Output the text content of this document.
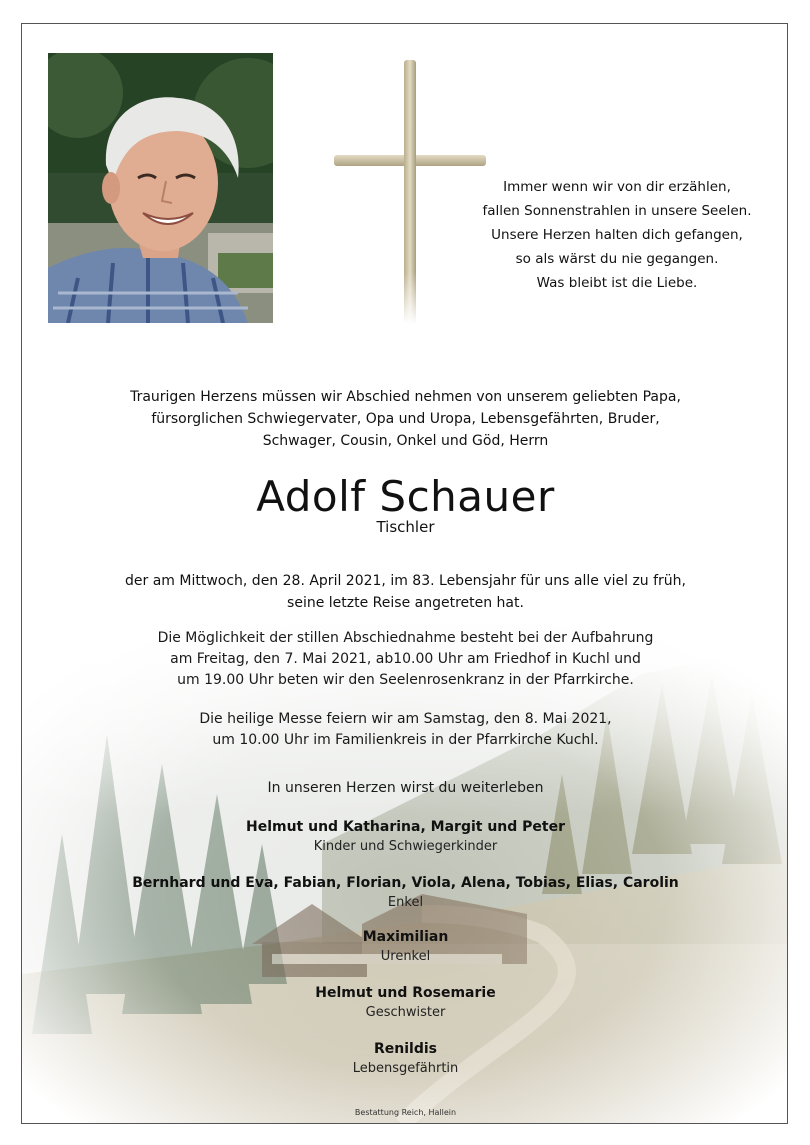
Immer wenn wir von dir erzählen,
fallen Sonnenstrahlen in unsere Seelen.
Unsere Herzen halten dich gefangen,
so als wärst du nie gegangen.
Was bleibt ist die Liebe.
Traurigen Herzens müssen wir Abschied nehmen von unserem geliebten Papa,
fürsorglichen Schwiegervater, Opa und Uropa, Lebensgefährten, Bruder,
Schwager, Cousin, Onkel und Göd, Herrn
Adolf Schauer
Tischler
der am Mittwoch, den 28. April 2021, im 83. Lebensjahr für uns alle viel zu früh,
seine letzte Reise angetreten hat.
Die Möglichkeit der stillen Abschiednahme besteht bei der Aufbahrung
am Freitag, den 7. Mai 2021, ab10.00 Uhr am Friedhof in Kuchl und
um 19.00 Uhr beten wir den Seelenrosenkranz in der Pfarrkirche.
Die heilige Messe feiern wir am Samstag, den 8. Mai 2021,
um 10.00 Uhr im Familienkreis in der Pfarrkirche Kuchl.
In unseren Herzen wirst du weiterleben
Helmut und Katharina, Margit und Peter
Kinder und Schwiegerkinder
Bernhard und Eva, Fabian, Florian, Viola, Alena, Tobias, Elias, Carolin
Enkel
Maximilian
Urenkel
Helmut und Rosemarie
Geschwister
Renildis
Lebensgefährtin
Bestattung Reich, Hallein
